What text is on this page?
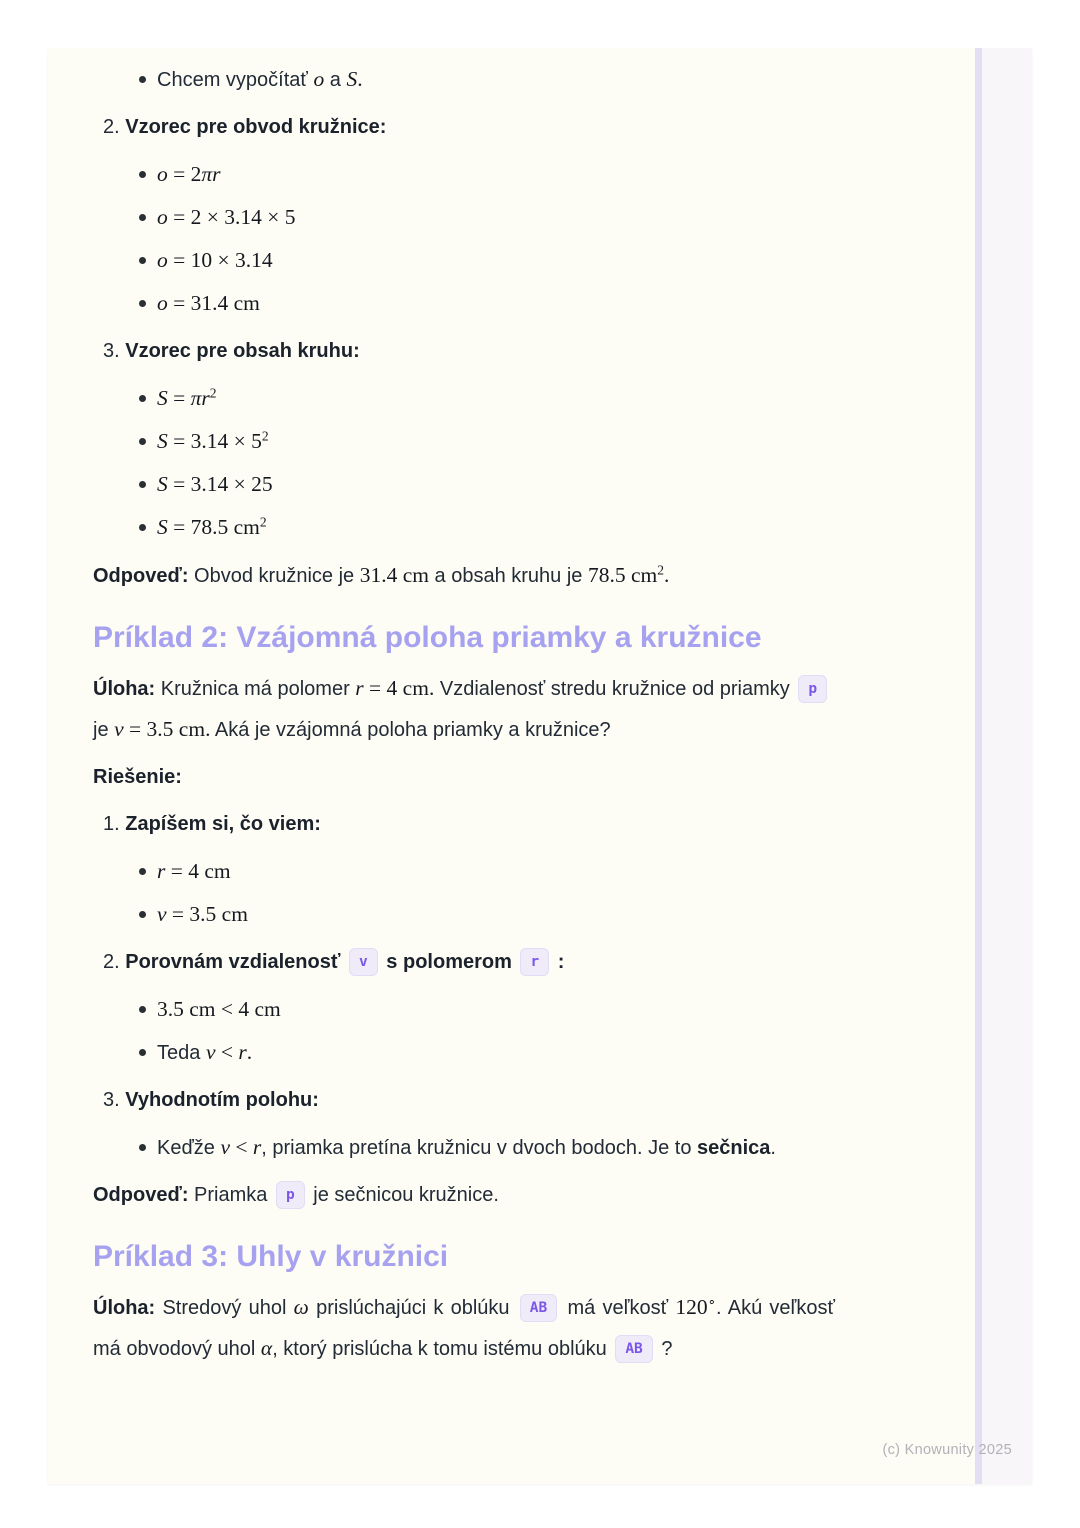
Chcem vypočítať o a S.
2. Vzorec pre obvod kružnice:
o = 2πr
o = 2 × 3.14 × 5
o = 10 × 3.14
o = 31.4 cm
3. Vzorec pre obsah kruhu:
$S = \pi r^2$
$S = 3.14 \times 5^2$
S = 3.14 × 25
S = 78.5 $cm^2$
Odpoveď: Obvod kružnice je 31.4 cm a obsah kruhu je 78.5 $cm^2$.
Príklad 2: Vzájomná poloha priamky a kružnice
Úloha: Kružnica má polomer r = 4 cm. Vzdialenosť stredu kružnice od priamky p je v = 3.5 cm. Aká je vzájomná poloha priamky a kružnice?
Riešenie:
1. Zapíšem si, čo viem:
r = 4 cm
v = 3.5 cm
2. Porovnám vzdialenosť v s polomerom r :
3.5 cm < 4 cm
Teda v < r.
3. Vyhodnotím polohu:
Keďže v < r, priamka pretína kružnicu v dvoch bodoch. Je to sečnica.
Odpoveď: Priamka p je sečnicou kružnice.
Príklad 3: Uhly v kružnici
Úloha: Stredový uhol ω prislúchajúci k oblúku AB má veľkosť 120∘. Akú veľkosť má obvodový uhol α, ktorý prislúcha k tomu istému oblúku AB ?
(c) Knowunity 2025
